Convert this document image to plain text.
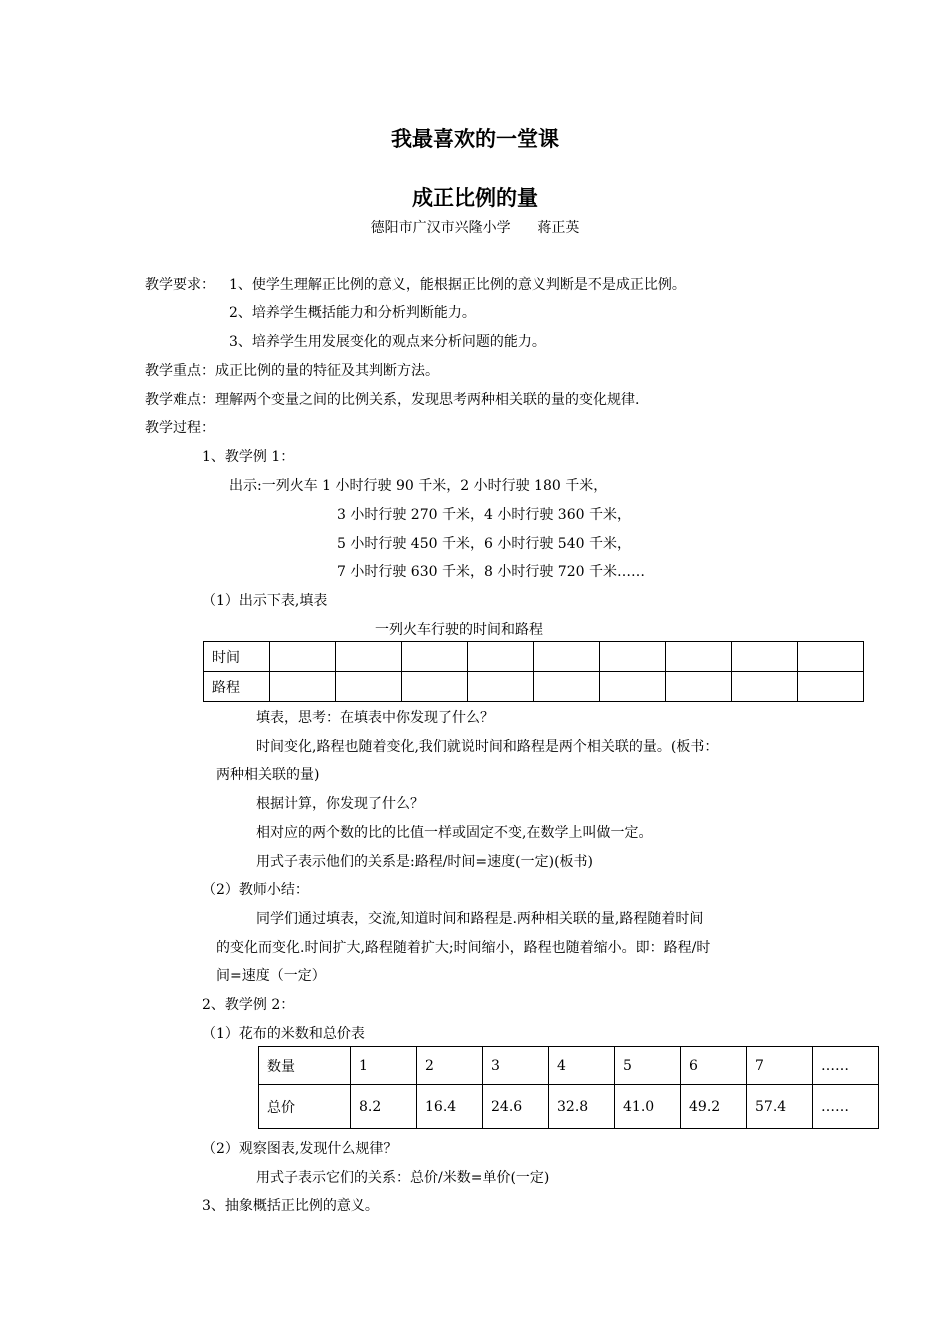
我最喜欢的一堂课
成正比例的量
德阳市广汉市兴隆小学      蒋正英
教学要求： 1、使学生理解正比例的意义，能根据正比例的意义判断是不是成正比例。
2、培养学生概括能力和分析判断能力。
3、培养学生用发展变化的观点来分析问题的能力。
教学重点：成正比例的量的特征及其判断方法。
教学难点：理解两个变量之间的比例关系，发现思考两种相关联的量的变化规律.
教学过程：
1、教学例 1：
出示:一列火车 1 小时行驶 90 千米，2 小时行驶 180 千米，
3 小时行驶 270 千米，4 小时行驶 360 千米，
5 小时行驶 450 千米，6 小时行驶 540 千米，
7 小时行驶 630 千米，8 小时行驶 720 千米……
（1）出示下表,填表
一列火车行驶的时间和路程
时间									
路程									
填表，思考：在填表中你发现了什么？
时间变化,路程也随着变化,我们就说时间和路程是两个相关联的量。(板书：
两种相关联的量)
根据计算，你发现了什么？
相对应的两个数的比的比值一样或固定不变,在数学上叫做一定。
用式子表示他们的关系是:路程/时间=速度(一定)(板书)
（2）教师小结：
同学们通过填表，交流,知道时间和路程是.两种相关联的量,路程随着时间
的变化而变化.时间扩大,路程随着扩大;时间缩小，路程也随着缩小。即：路程/时
间=速度（一定）
2、教学例 2：
（1）花布的米数和总价表
数量	1	2	3	4	5	6	7	……
总价	8.2	16.4	24.6	32.8	41.0	49.2	57.4	……
（2）观察图表,发现什么规律？
用式子表示它们的关系：总价/米数=单价(一定)
3、抽象概括正比例的意义。
